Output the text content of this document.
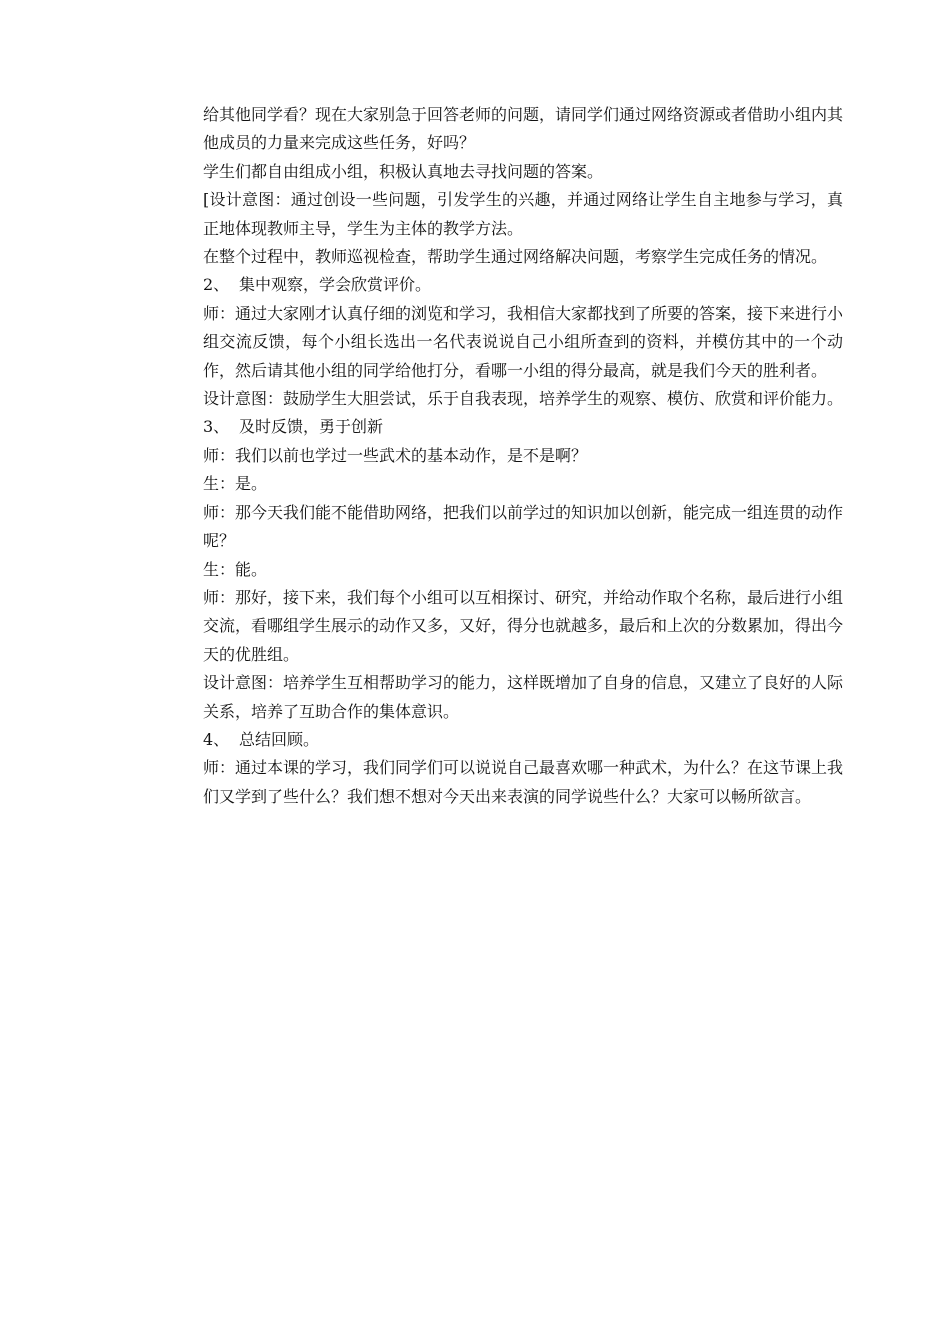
给其他同学看？现在大家别急于回答老师的问题，请同学们通过网络资源或者借助小组内其他成员的力量来完成这些任务，好吗？

学生们都自由组成小组，积极认真地去寻找问题的答案。

[设计意图：通过创设一些问题，引发学生的兴趣，并通过网络让学生自主地参与学习，真正地体现教师主导，学生为主体的教学方法。

在整个过程中，教师巡视检查，帮助学生通过网络解决问题，考察学生完成任务的情况。

2、 集中观察，学会欣赏评价。

师：通过大家刚才认真仔细的浏览和学习，我相信大家都找到了所要的答案，接下来进行小组交流反馈，每个小组长选出一名代表说说自己小组所查到的资料，并模仿其中的一个动作，然后请其他小组的同学给他打分，看哪一小组的得分最高，就是我们今天的胜利者。

设计意图：鼓励学生大胆尝试，乐于自我表现，培养学生的观察、模仿、欣赏和评价能力。

3、 及时反馈，勇于创新

师：我们以前也学过一些武术的基本动作，是不是啊？

生：是。

师：那今天我们能不能借助网络，把我们以前学过的知识加以创新，能完成一组连贯的动作呢？

生：能。

师：那好，接下来，我们每个小组可以互相探讨、研究，并给动作取个名称，最后进行小组交流，看哪组学生展示的动作又多，又好，得分也就越多，最后和上次的分数累加，得出今天的优胜组。

设计意图：培养学生互相帮助学习的能力，这样既增加了自身的信息，又建立了良好的人际关系，培养了互助合作的集体意识。

4、 总结回顾。

师：通过本课的学习，我们同学们可以说说自己最喜欢哪一种武术，为什么？在这节课上我们又学到了些什么？我们想不想对今天出来表演的同学说些什么？大家可以畅所欲言。
